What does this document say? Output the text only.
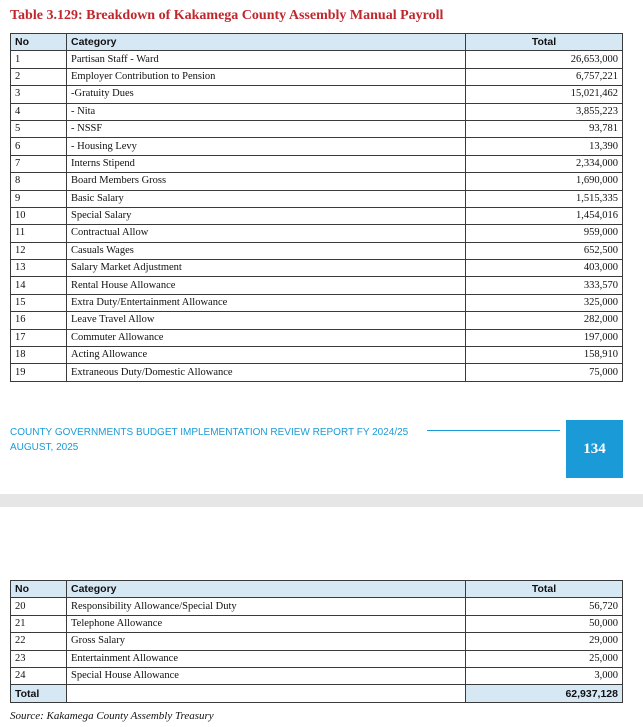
Table 3.129: Breakdown of Kakamega County Assembly Manual Payroll
No	Category	Total
1	Partisan Staff - Ward	26,653,000
2	Employer Contribution to Pension	6,757,221
3	-Gratuity Dues	15,021,462
4	- Nita	3,855,223
5	- NSSF	93,781
6	- Housing Levy	13,390
7	Interns Stipend	2,334,000
8	Board Members Gross	1,690,000
9	Basic Salary	1,515,335
10	Special Salary	1,454,016
11	Contractual Allow	959,000
12	Casuals Wages	652,500
13	Salary Market Adjustment	403,000
14	Rental House Allowance	333,570
15	Extra Duty/Entertainment Allowance	325,000
16	Leave Travel Allow	282,000
17	Commuter Allowance	197,000
18	Acting Allowance	158,910
19	Extraneous Duty/Domestic Allowance	75,000
COUNTY GOVERNMENTS BUDGET IMPLEMENTATION REVIEW REPORT FY 2024/25
AUGUST, 2025	134
No	Category	Total
20	Responsibility Allowance/Special Duty	56,720
21	Telephone Allowance	50,000
22	Gross Salary	29,000
23	Entertainment Allowance	25,000
24	Special House Allowance	3,000
Total		62,937,128
Source: Kakamega County Assembly Treasury
